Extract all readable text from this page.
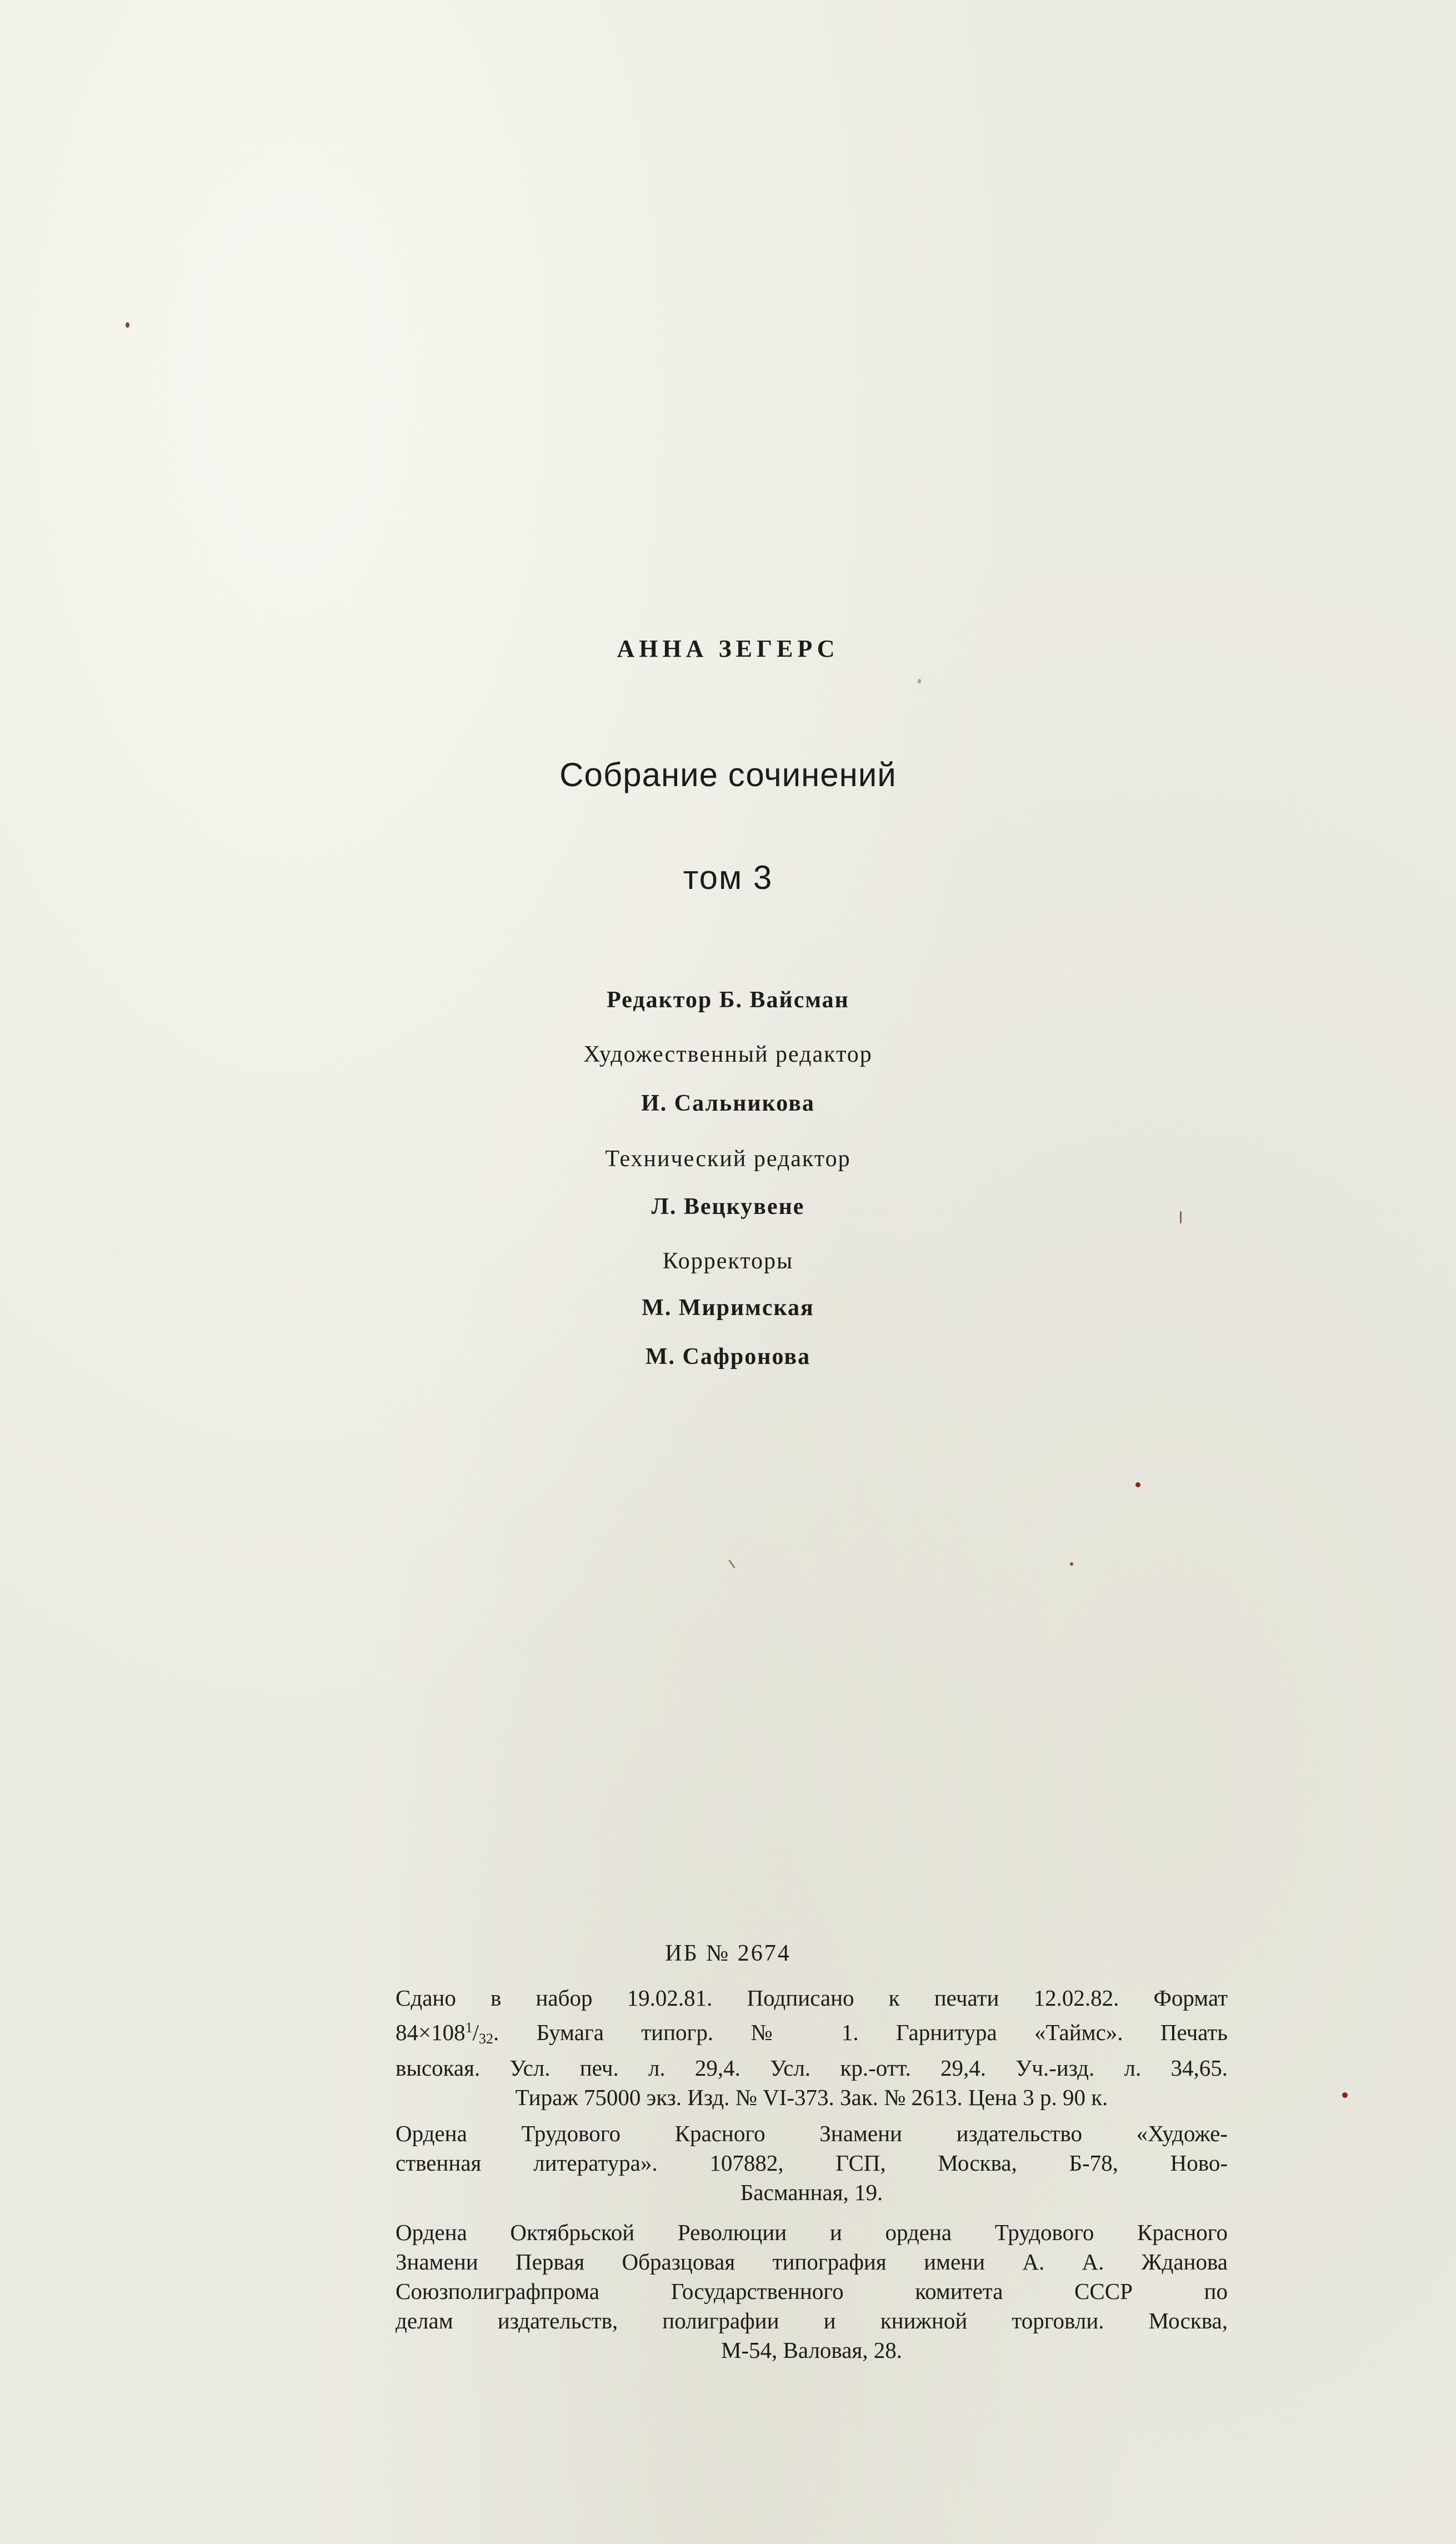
АННА ЗЕГЕРС
Собрание сочинений
том 3
Редактор Б. Вайсман
Художественный редактор
И. Сальникова
Технический редактор
Л. Вецкувене
Корректоры
М. Миримская
М. Сафронова
ИБ № 2674
Сдано в набор 19.02.81. Подписано к печати 12.02.82. Формат
$84\times 108^1/_{32}$. Бумага типогр. № 1. Гарнитура «Таймс». Печать
высокая. Усл. печ. л. 29,4. Усл. кр.-отт. 29,4. Уч.-изд. л. 34,65.
Тираж 75000 экз. Изд. № VI-373. Зак. № 2613. Цена 3 р. 90 к.
Ордена Трудового Красного Знамени издательство «Художе-
ственная литература». 107882, ГСП, Москва, Б-78, Ново-
Басманная, 19.
Ордена Октябрьской Революции и ордена Трудового Красного
Знамени Первая Образцовая типография имени А. А. Жданова
Союзполиграфпрома Государственного комитета СССР по
делам издательств, полиграфии и книжной торговли. Москва,
М-54, Валовая, 28.
